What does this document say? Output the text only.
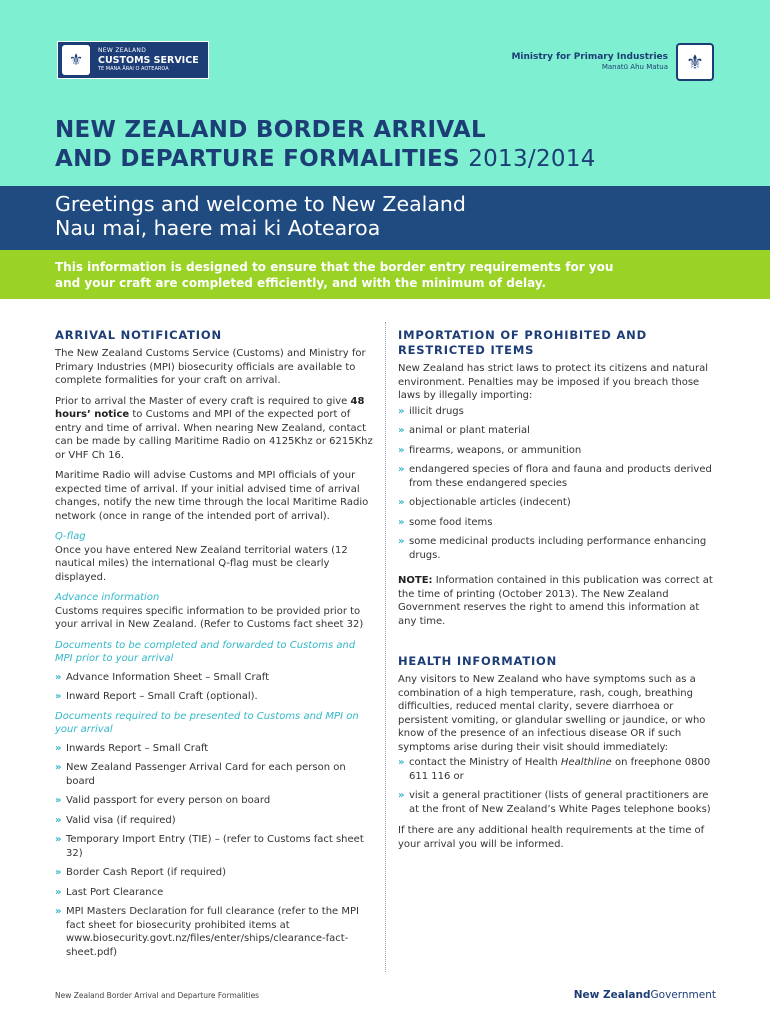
⚜	NEW ZEALAND
CUSTOMS SERVICE
TE MANA ĀRAI O AOTEAROA
Ministry for Primary Industries
Manatū Ahu Matua ⚜
NEW ZEALAND BORDER ARRIVAL
AND DEPARTURE FORMALITIES 2013/2014
Greetings and welcome to New Zealand
Nau mai, haere mai ki Aotearoa
This information is designed to ensure that the border entry requirements for you
and your craft are completed efficiently, and with the minimum of delay.
ARRIVAL NOTIFICATION

The New Zealand Customs Service (Customs) and Ministry for Primary Industries (MPI) biosecurity officials are available to complete formalities for your craft on arrival.

Prior to arrival the Master of every craft is required to give 48 hours’ notice to Customs and MPI of the expected port of entry and time of arrival. When nearing New Zealand, contact can be made by calling Maritime Radio on 4125Khz or 6215Khz or VHF Ch 16.

Maritime Radio will advise Customs and MPI officials of your expected time of arrival. If your initial advised time of arrival changes, notify the new time through the local Maritime Radio network (once in range of the intended port of arrival).

Q-flag

Once you have entered New Zealand territorial waters (12 nautical miles) the international Q-flag must be clearly displayed.

Advance information

Customs requires specific information to be provided prior to your arrival in New Zealand. (Refer to Customs fact sheet 32)

Documents to be completed and forwarded to Customs and MPI prior to your arrival

» Advance Information Sheet – Small Craft
» Inward Report – Small Craft (optional).

Documents required to be presented to Customs and MPI on your arrival

» Inwards Report – Small Craft
» New Zealand Passenger Arrival Card for each person on board
» Valid passport for every person on board
» Valid visa (if required)
» Temporary Import Entry (TIE) – (refer to Customs fact sheet 32)
» Border Cash Report (if required)
» Last Port Clearance
» MPI Masters Declaration for full clearance (refer to the MPI fact sheet for biosecurity prohibited items at www.biosecurity.govt.nz/files/enter/ships/clearance-fact-sheet.pdf)
IMPORTATION OF PROHIBITED AND RESTRICTED ITEMS

New Zealand has strict laws to protect its citizens and natural environment. Penalties may be imposed if you breach those laws by illegally importing:

» illicit drugs
» animal or plant material
» firearms, weapons, or ammunition
» endangered species of flora and fauna and products derived from these endangered species
» objectionable articles (indecent)
» some food items
» some medicinal products including performance enhancing drugs.

NOTE: Information contained in this publication was correct at the time of printing (October 2013). The New Zealand Government reserves the right to amend this information at any time.

HEALTH INFORMATION

Any visitors to New Zealand who have symptoms such as a combination of a high temperature, rash, cough, breathing difficulties, reduced mental clarity, severe diarrhoea or persistent vomiting, or glandular swelling or jaundice, or who know of the presence of an infectious disease OR if such symptoms arise during their visit should immediately:

» contact the Ministry of Health Healthline on freephone 0800 611 116 or
» visit a general practitioner (lists of general practitioners are at the front of New Zealand’s White Pages telephone books)

If there are any additional health requirements at the time of your arrival you will be informed.

New Zealand Border Arrival and Departure Formalities	New ZealandGovernment
